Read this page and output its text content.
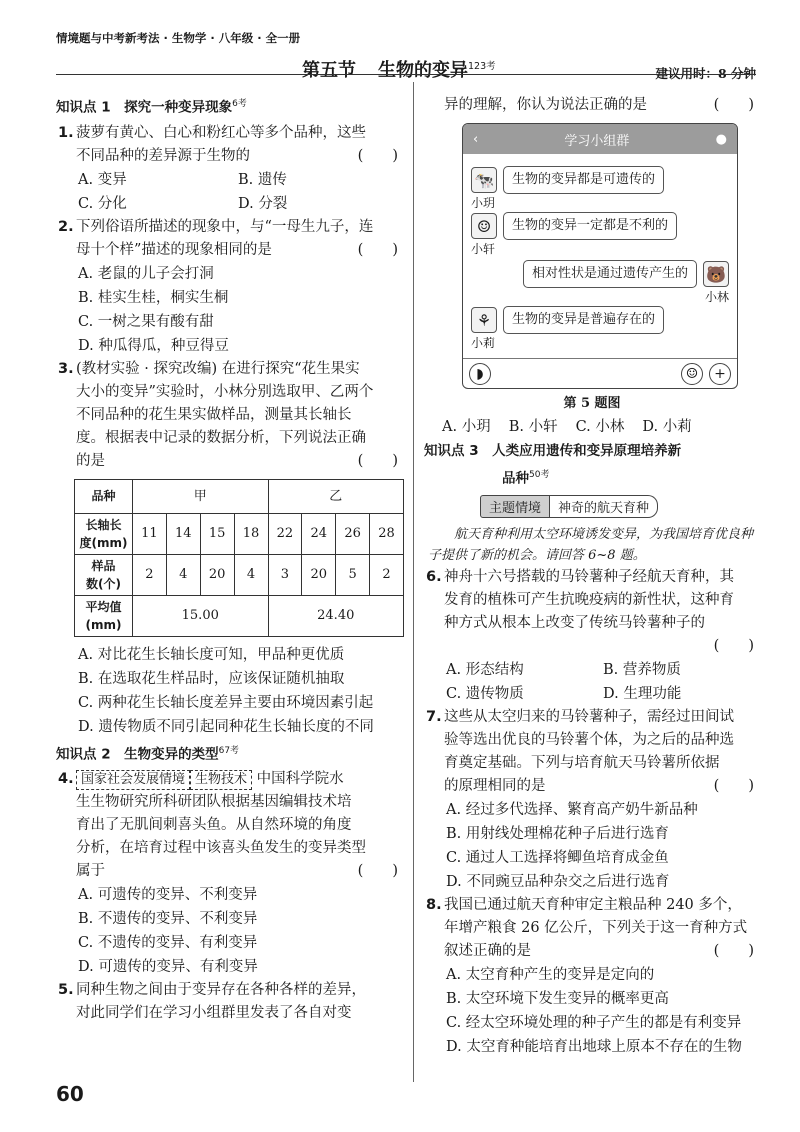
情境题与中考新考法 · 生物学 · 八年级 · 全一册
第五节 生物的变异$^{123考}$	建议用时：8 分钟
知识点 1　探究一种变异现象$^{6考}$
1. 菠萝有黄心、白心和粉红心等多个品种，这些
不同品种的差异源于生物的	(　　)
A. 变异	B. 遗传
C. 分化	D. 分裂
2. 下列俗语所描述的现象中，与“一母生九子，连
母十个样”描述的现象相同的是	(　　)
A. 老鼠的儿子会打洞
B. 桂实生桂，桐实生桐
C. 一树之果有酸有甜
D. 种瓜得瓜，种豆得豆
3. (教材实验 · 探究改编) 在进行探究“花生果实
大小的变异”实验时，小林分别选取甲、乙两个
不同品种的花生果实做样品，测量其长轴长
度。根据表中记录的数据分析，下列说法正确
的是	(　　)
品种	甲				乙			
长轴长
度(mm)	11	14	15	18	22	24	26	28
样品
数(个)	2	4	20	4	3	20	5	2
平均值
(mm)	15.00				24.40			
A. 对比花生长轴长度可知，甲品种更优质
B. 在选取花生样品时，应该保证随机抽取
C. 两种花生长轴长度差异主要由环境因素引起
D. 遗传物质不同引起同种花生长轴长度的不同
知识点 2　生物变异的类型$^{67考}$
4. 国家社会发展情境 生物技术 中国科学院水
生生物研究所科研团队根据基因编辑技术培
育出了无肌间刺喜头鱼。从自然环境的角度
分析，在培育过程中该喜头鱼发生的变异类型
属于	(　　)
A. 可遗传的变异、不利变异
B. 不遗传的变异、不利变异
C. 不遗传的变异、有利变异
D. 可遗传的变异、有利变异
5. 同种生物之间由于变异存在各种各样的差异，
对此同学们在学习小组群里发表了各自对变
异的理解，你认为说法正确的是	(　　)
‹	学习小组群	●
🐄	生物的变异都是可遗传的
小玥
☺	生物的变异一定都是不利的
小轩
相对性状是通过遗传产生的	🐻
小林
⚘	生物的变异是普遍存在的
小莉
◗	☺	+
第 5 题图
A. 小玥 B. 小轩 C. 小林 D. 小莉
知识点 3　人类应用遗传和变异原理培养新
品种$^{50考}$
主题情境	神奇的航天育种
航天育种利用太空环境诱发变异，为我国培育优良种子提供了新的机会。请回答 6~8 题。
6. 神舟十六号搭载的马铃薯种子经航天育种，其
发育的植株可产生抗晚疫病的新性状，这种育
种方式从根本上改变了传统马铃薯种子的
(　　)
A. 形态结构	B. 营养物质
C. 遗传物质	D. 生理功能
7. 这些从太空归来的马铃薯种子，需经过田间试
验等选出优良的马铃薯个体，为之后的品种选
育奠定基础。下列与培育航天马铃薯所依据
的原理相同的是	(　　)
A. 经过多代选择、繁育高产奶牛新品种
B. 用射线处理棉花种子后进行选育
C. 通过人工选择将鲫鱼培育成金鱼
D. 不同豌豆品种杂交之后进行选育
8. 我国已通过航天育种审定主粮品种 240 多个，
年增产粮食 26 亿公斤，下列关于这一育种方式
叙述正确的是	(　　)
A. 太空育种产生的变异是定向的
B. 太空环境下发生变异的概率更高
C. 经太空环境处理的种子产生的都是有利变异
D. 太空育种能培育出地球上原本不存在的生物
60
